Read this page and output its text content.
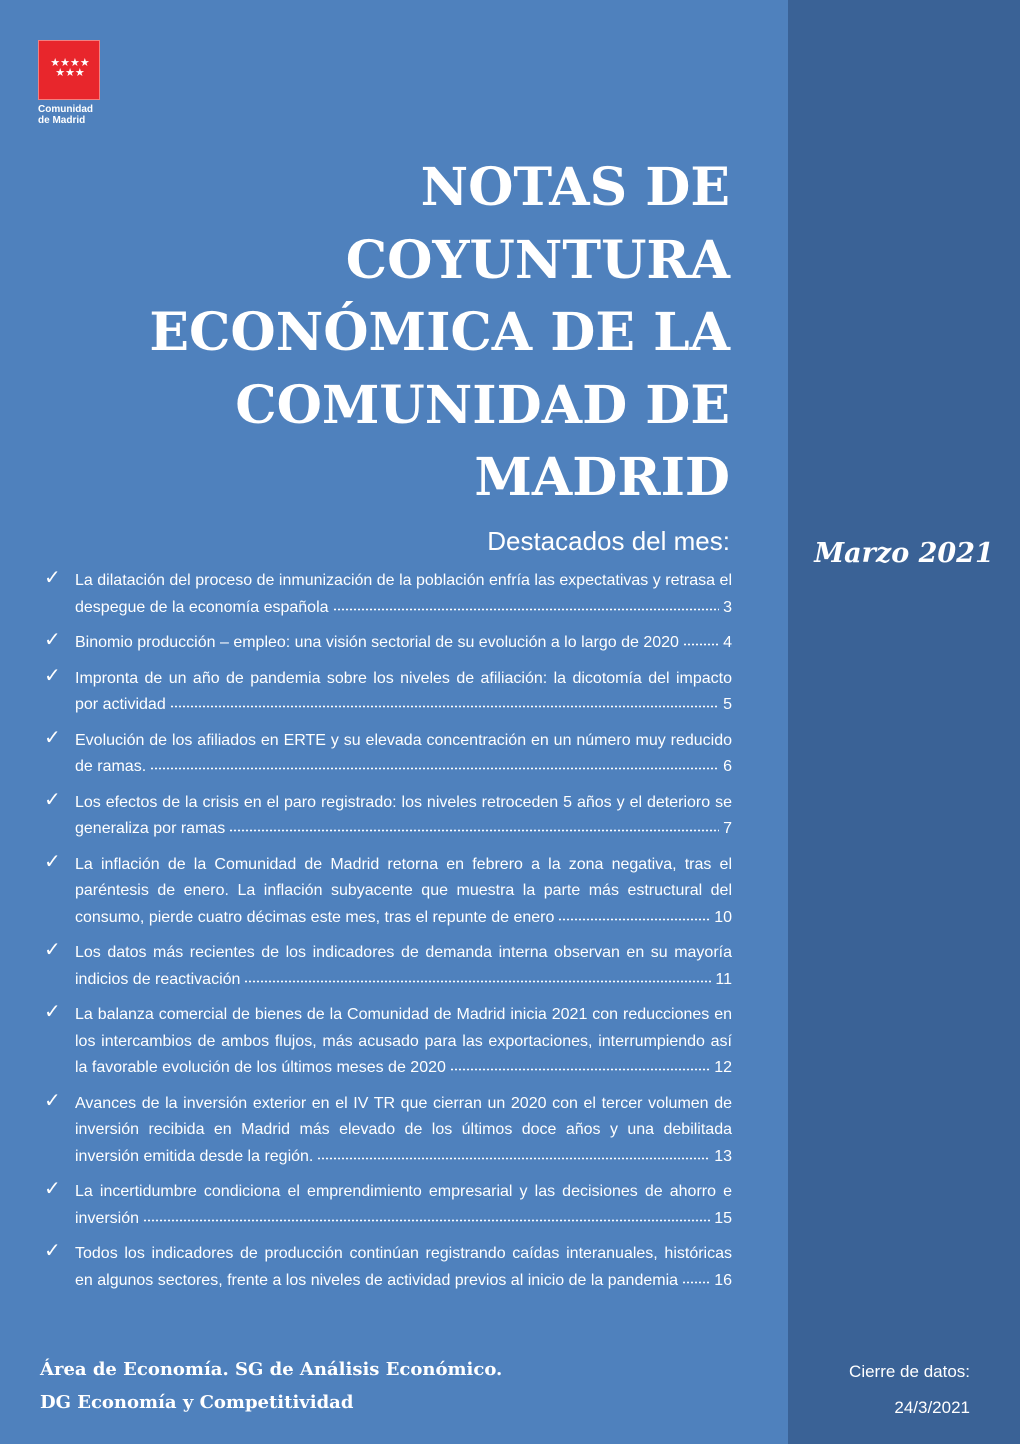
★★★★
★★★
Comunidad
de Madrid
NOTAS DE
COYUNTURA
ECONÓMICA DE LA
COMUNIDAD DE
MADRID
Destacados del mes:	Marzo 2021
✓ La dilatación del proceso de inmunización de la población enfría las expectativas y retrasa el despegue de la economía española	3
✓ Binomio producción – empleo: una visión sectorial de su evolución a lo largo de 2020	4
✓ Impronta de un año de pandemia sobre los niveles de afiliación: la dicotomía del impacto por actividad	5
✓ Evolución de los afiliados en ERTE y su elevada concentración en un número muy reducido de ramas.	6
✓ Los efectos de la crisis en el paro registrado: los niveles retroceden 5 años y el deterioro se generaliza por ramas	7
✓ La inflación de la Comunidad de Madrid retorna en febrero a la zona negativa, tras el paréntesis de enero. La inflación subyacente que muestra la parte más estructural del consumo, pierde cuatro décimas este mes, tras el repunte de enero	10
✓ Los datos más recientes de los indicadores de demanda interna observan en su mayoría indicios de reactivación	11
✓ La balanza comercial de bienes de la Comunidad de Madrid inicia 2021 con reducciones en los intercambios de ambos flujos, más acusado para las exportaciones, interrumpiendo así la favorable evolución de los últimos meses de 2020	12
✓ Avances de la inversión exterior en el IV TR que cierran un 2020 con el tercer volumen de inversión recibida en Madrid más elevado de los últimos doce años y una debilitada inversión emitida desde la región.	13
✓ La incertidumbre condiciona el emprendimiento empresarial y las decisiones de ahorro e inversión	15
✓ Todos los indicadores de producción continúan registrando caídas interanuales, históricas en algunos sectores, frente a los niveles de actividad previos al inicio de la pandemia 16
Área de Economía. SG de Análisis Económico.
DG Economía y Competitividad
Cierre de datos:
24/3/2021
